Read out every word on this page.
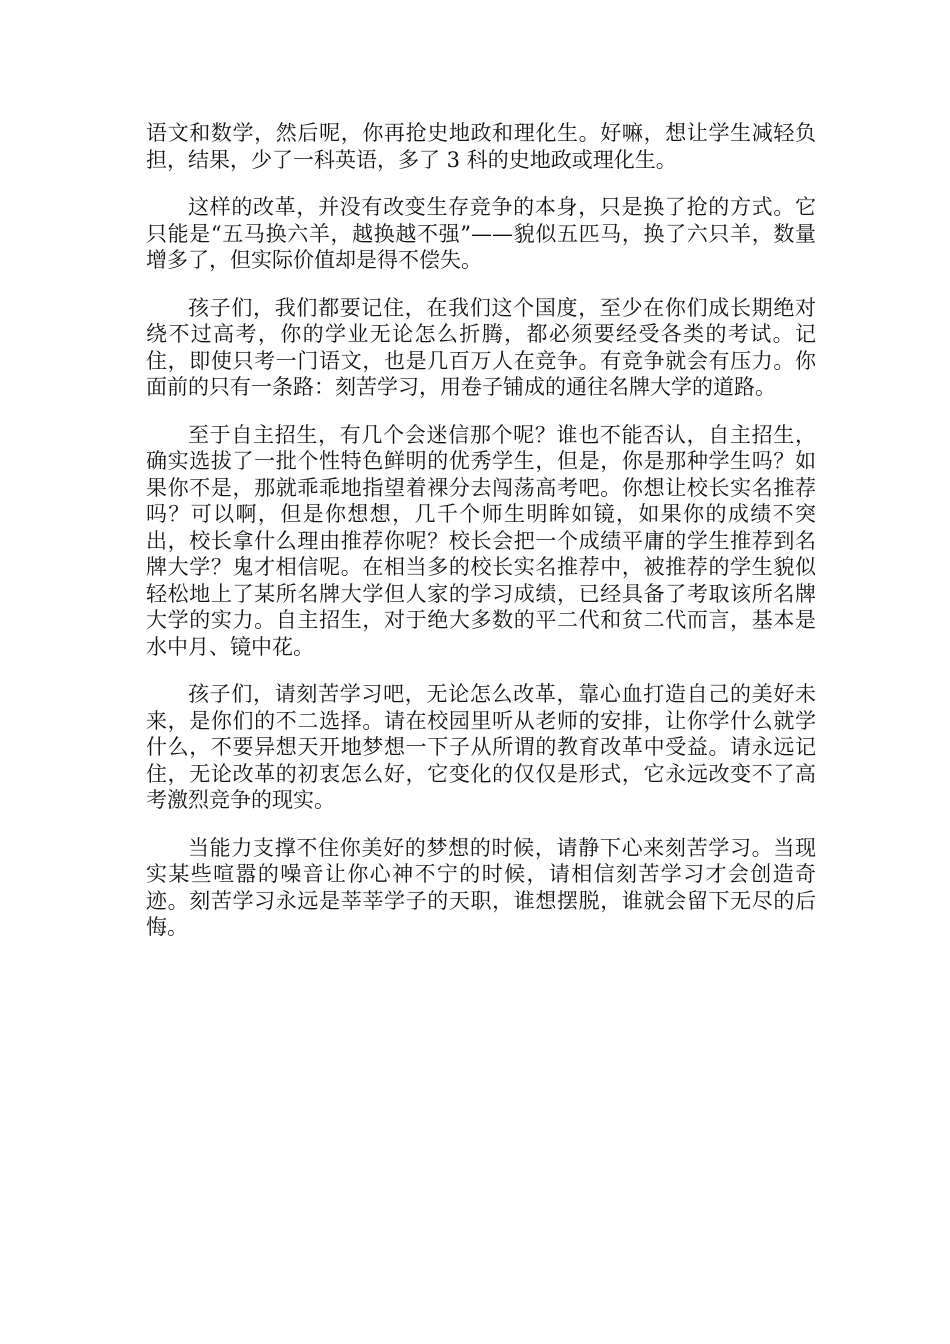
语文和数学，然后呢，你再抢史地政和理化生。好嘛，想让学生减轻负担，结果，少了一科英语，多了 3 科的史地政或理化生。

这样的改革，并没有改变生存竞争的本身，只是换了抢的方式。它只能是“五马换六羊，越换越不强”——貌似五匹马，换了六只羊，数量增多了，但实际价值却是得不偿失。

孩子们，我们都要记住，在我们这个国度，至少在你们成长期绝对绕不过高考，你的学业无论怎么折腾，都必须要经受各类的考试。记住，即使只考一门语文，也是几百万人在竞争。有竞争就会有压力。你面前的只有一条路：刻苦学习，用卷子铺成的通往名牌大学的道路。

至于自主招生，有几个会迷信那个呢？谁也不能否认，自主招生，确实选拔了一批个性特色鲜明的优秀学生，但是，你是那种学生吗？如果你不是，那就乖乖地指望着裸分去闯荡高考吧。你想让校长实名推荐吗？可以啊，但是你想想，几千个师生明眸如镜，如果你的成绩不突出，校长拿什么理由推荐你呢？校长会把一个成绩平庸的学生推荐到名牌大学？鬼才相信呢。在相当多的校长实名推荐中，被推荐的学生貌似轻松地上了某所名牌大学但人家的学习成绩，已经具备了考取该所名牌大学的实力。自主招生，对于绝大多数的平二代和贫二代而言，基本是水中月、镜中花。

孩子们，请刻苦学习吧，无论怎么改革，靠心血打造自己的美好未来，是你们的不二选择。请在校园里听从老师的安排，让你学什么就学什么，不要异想天开地梦想一下子从所谓的教育改革中受益。请永远记住，无论改革的初衷怎么好，它变化的仅仅是形式，它永远改变不了高考激烈竞争的现实。

当能力支撑不住你美好的梦想的时候，请静下心来刻苦学习。当现实某些喧嚣的噪音让你心神不宁的时候，请相信刻苦学习才会创造奇迹。刻苦学习永远是莘莘学子的天职，谁想摆脱，谁就会留下无尽的后悔。
